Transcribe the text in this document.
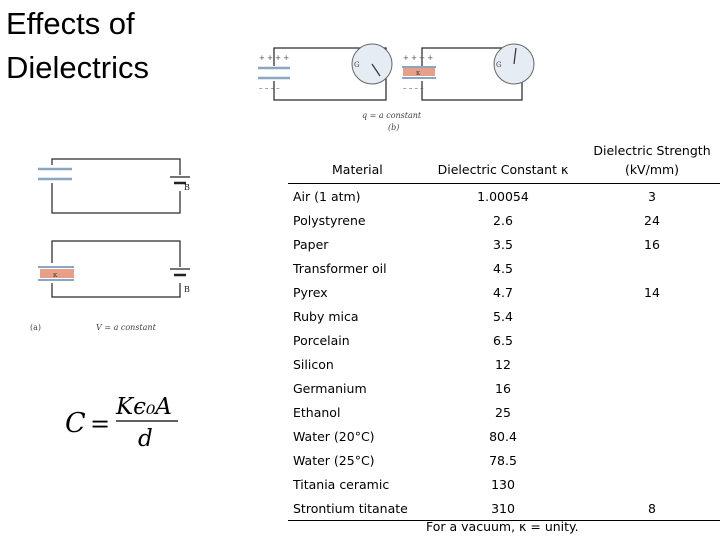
Effects of
Dielectrics	+ + + +
– – – –
G
κ
+ + + +
– – – –
G
q = a constant
(b)
B
κ
B
(a)	V = a constant
C =
Kϵ₀A
d
Material	Dielectric Constant κ	Dielectric Strength
(kV/mm)

Air (1 atm)	1.00054	3
Polystyrene	2.6	24
Paper	3.5	16
Transformer oil	4.5	
Pyrex	4.7	14
Ruby mica	5.4	
Porcelain	6.5	
Silicon	12	
Germanium	16	
Ethanol	25	
Water (20°C)	80.4	
Water (25°C)	78.5	
Titania ceramic	130	
Strontium titanate	310	8
For a vacuum, κ = unity.
